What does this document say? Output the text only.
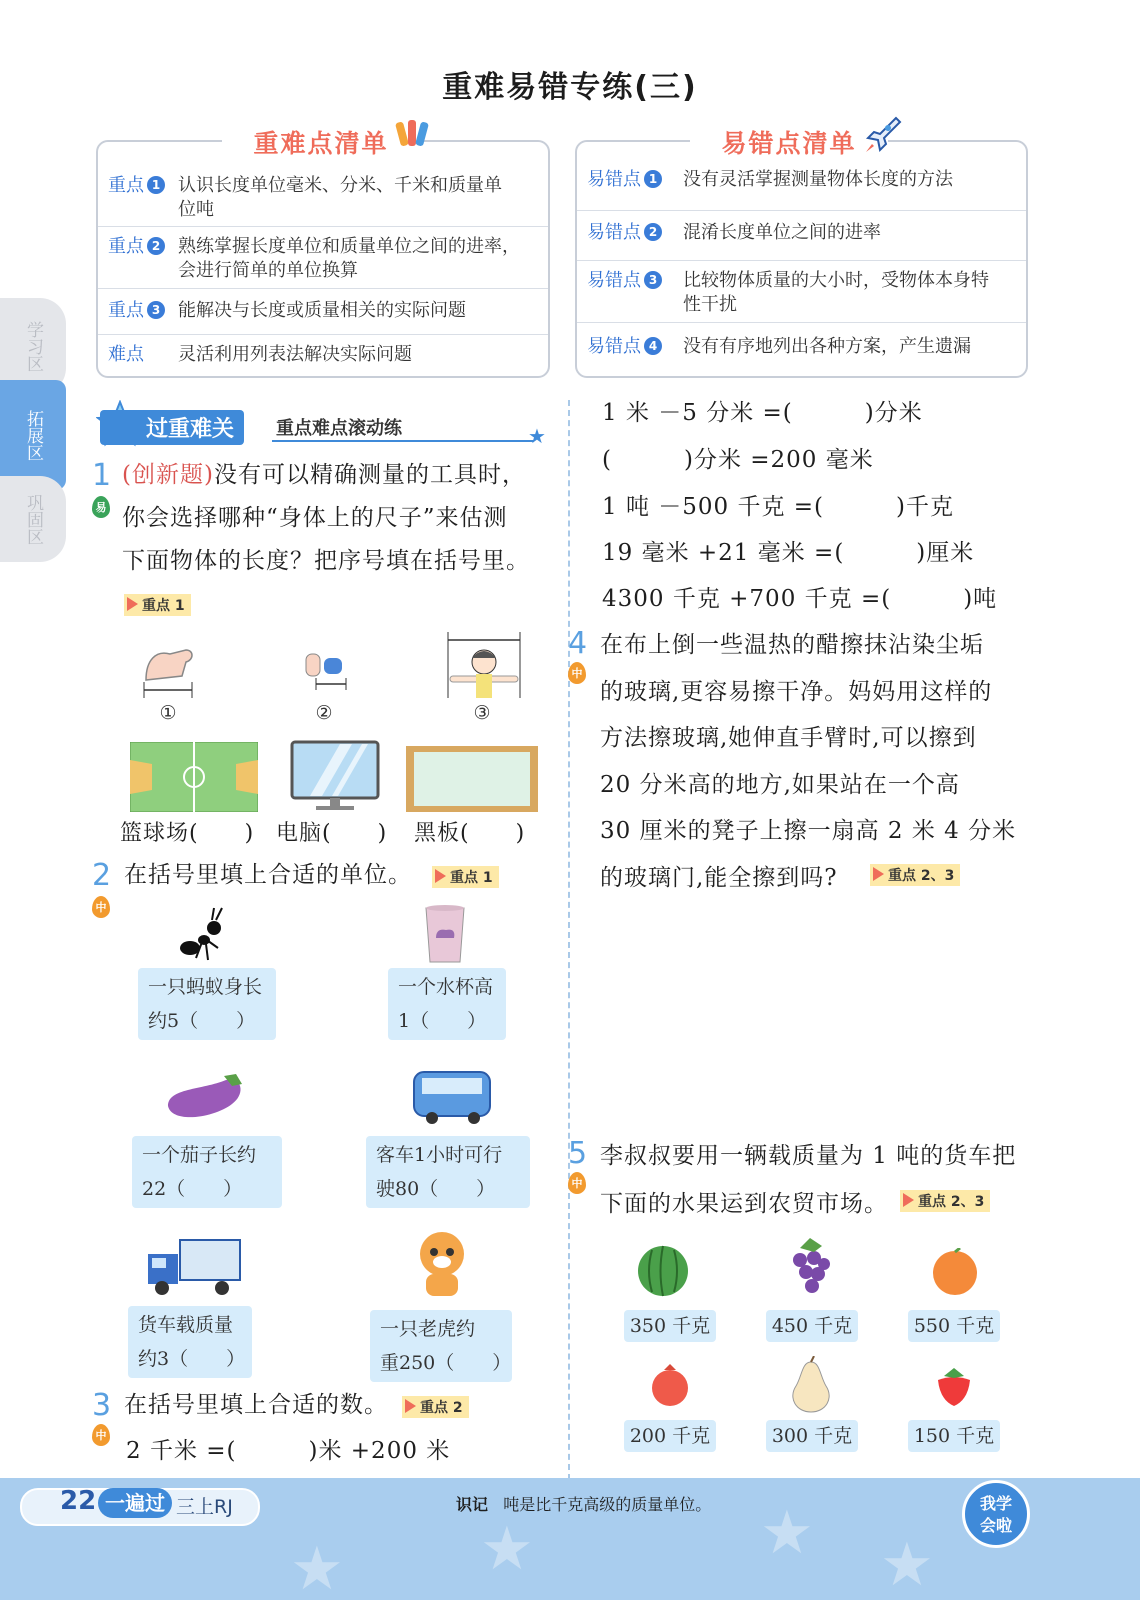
重难易错专练(三)
学习区
拓展区
巩固区
重点 1 认识长度单位毫米、分米、千米和质量单
位吨
重点 2 熟练掌握长度单位和质量单位之间的进率，
会进行简单的单位换算
重点 3 能解决与长度或质量相关的实际问题
难点 灵活利用列表法解决实际问题
重难点清单
易错点 1 没有灵活掌握测量物体长度的方法
易错点 2 混淆长度单位之间的进率
易错点 3 比较物体质量的大小时，受物体本身特
性干扰
易错点 4 没有有序地列出各种方案，产生遗漏
易错点清单
过重难关	重点难点滚动练	★
1
易
(创新题)没有可以精确测量的工具时，
你会选择哪种“身体上的尺子”来估测
下面物体的长度？把序号填在括号里。
重点 1
①	②	③
篮球场(　　) 电脑(　　) 黑板(　　)
2
中
在括号里填上合适的单位。	重点 1
一只蚂蚁身长
约5（　　）
一个水杯高
1（　　）
一个茄子长约
22（　　）
客车1小时可行
驶80（　　）
货车载质量
约3（　　）
一只老虎约
重250（　　）
3
中
在括号里填上合适的数。	重点 2
2 千米 =(　　　)米 +200 米
1 米 －5 分米 =(　　　)分米
(　　　)分米 =200 毫米
1 吨 －500 千克 =(　　　)千克
19 毫米 +21 毫米 =(　　　)厘米
4300 千克 +700 千克 =(　　　)吨
4
中
在布上倒一些温热的醋擦抹沾染尘垢
的玻璃,更容易擦干净。妈妈用这样的
方法擦玻璃,她伸直手臂时,可以擦到
20 分米高的地方,如果站在一个高
30 厘米的凳子上擦一扇高 2 米 4 分米
的玻璃门,能全擦到吗?	重点 2、3
5
中
李叔叔要用一辆载质量为 1 吨的货车把
下面的水果运到农贸市场。	重点 2、3
350 千克	450 千克	550 千克
200 千克	300 千克	150 千克
★	★ ★
★
22 一遍过 三上RJ	识记 吨是比千克高级的质量单位。	我学
会啦
